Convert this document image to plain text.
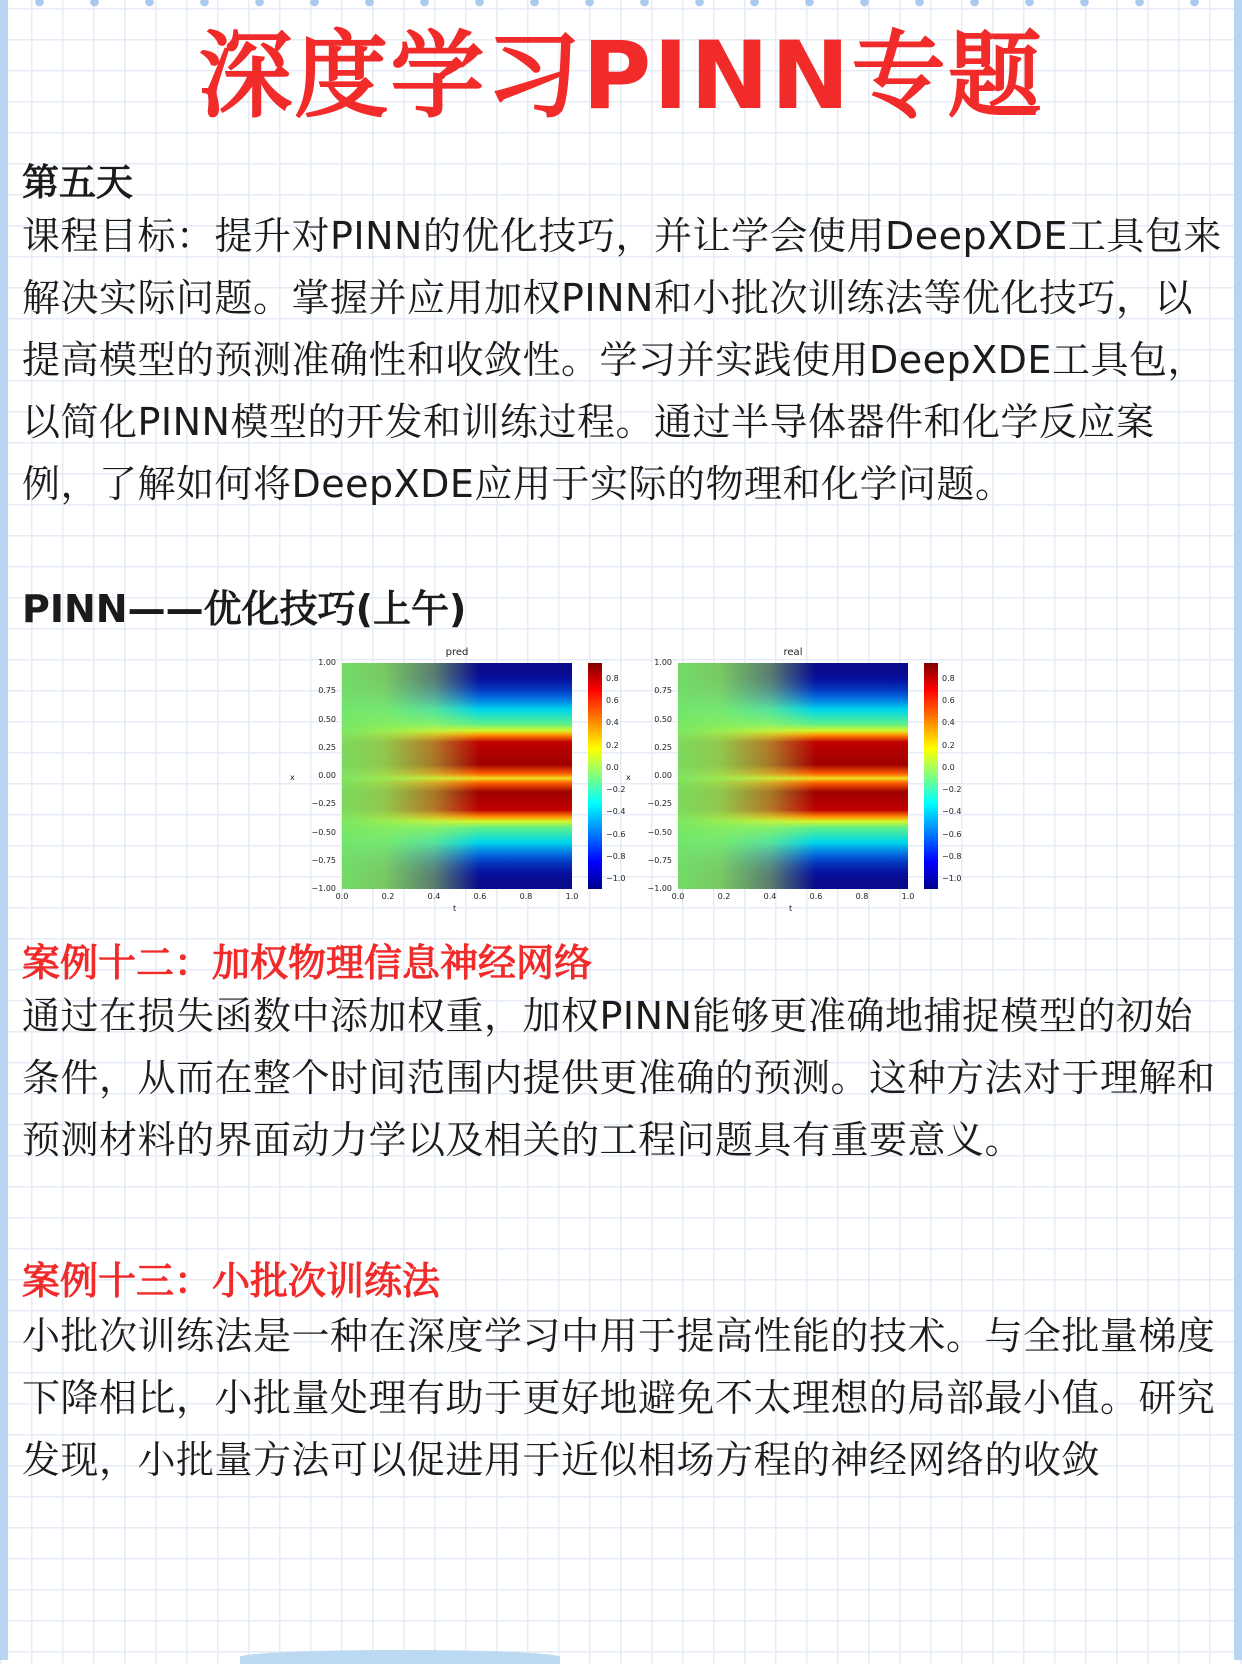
深度学习PINN专题
第五天
课程目标：提升对PINN的优化技巧，并让学会使用DeepXDE工具包来解决实际问题。掌握并应用加权PINN和小批次训练法等优化技巧，以提高模型的预测准确性和收敛性。学习并实践使用DeepXDE工具包，以简化PINN模型的开发和训练过程。通过半导体器件和化学反应案例，了解如何将DeepXDE应用于实际的物理和化学问题。
PINN——优化技巧(上午)
pred
1.00
0.75
0.50
0.25
0.00
−0.25
−0.50
−0.75
−1.00
0.0	0.2	0.4	0.6	0.8	1.0
0.8
0.6
0.4
0.2
0.0
−0.2
−0.4
−0.6
−0.8
−1.0
x
t
real
1.00
0.75
0.50
0.25
0.00
−0.25
−0.50
−0.75
−1.00
0.0	0.2	0.4	0.6	0.8	1.0
0.8
0.6
0.4
0.2
0.0
−0.2
−0.4
−0.6
−0.8
−1.0
x
t
案例十二：加权物理信息神经网络
通过在损失函数中添加权重，加权PINN能够更准确地捕捉模型的初始条件，从而在整个时间范围内提供更准确的预测。这种方法对于理解和预测材料的界面动力学以及相关的工程问题具有重要意义。
案例十三：小批次训练法
小批次训练法是一种在深度学习中用于提高性能的技术。与全批量梯度下降相比，小批量处理有助于更好地避免不太理想的局部最小值。研究发现，小批量方法可以促进用于近似相场方程的神经网络的收敛
